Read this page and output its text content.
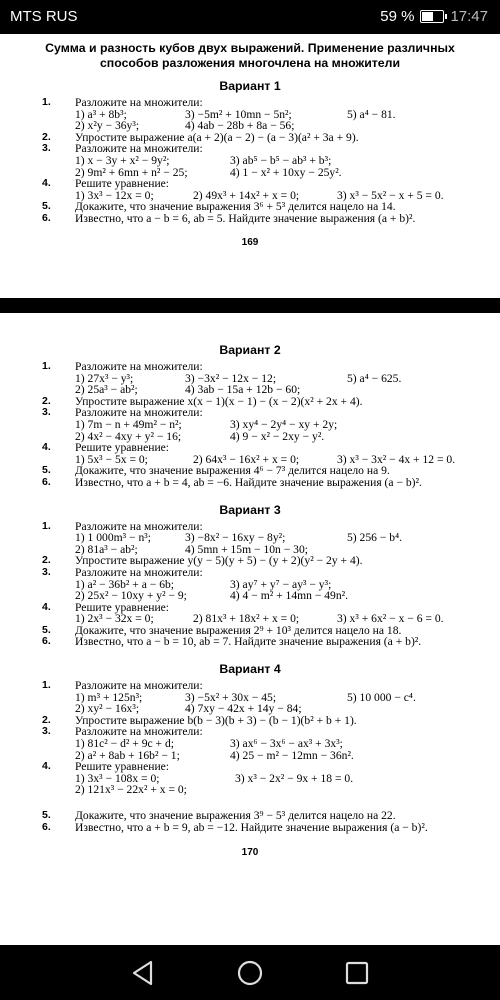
MTS RUS	59 % 17:47
Сумма и разность кубов двух выражений. Применение различных
способов разложения многочлена на множители
Вариант 1
1. Разложите на множители:
1) a³ + 8b³;	3) −5m² + 10mn − 5n²;	5) a⁴ − 81.
2) x²y − 36y³;	4) 4ab − 28b + 8a − 56;
2. Упростите выражение a(a + 2)(a − 2) − (a − 3)(a² + 3a + 9).
3. Разложите на множители:
1) x − 3y + x² − 9y²;	3) ab⁵ − b⁵ − ab³ + b³;
2) 9m² + 6mn + n² − 25;	4) 1 − x² + 10xy − 25y².
4. Решите уравнение:
1) 3x³ − 12x = 0;	2) 49x³ + 14x² + x = 0;	3) x³ − 5x² − x + 5 = 0.
5. Докажите, что значение выражения 3⁶ + 5³ делится нацело на 14.
6. Известно, что a − b = 6, ab = 5. Найдите значение выражения (a + b)².
169
Вариант 2
1. Разложите на множители:
1) 27x³ − y³;	3) −3x² − 12x − 12;	5) a⁴ − 625.
2) 25a³ − ab²;	4) 3ab − 15a + 12b − 60;
2. Упростите выражение x(x − 1)(x − 1) − (x − 2)(x² + 2x + 4).
3. Разложите на множители:
1) 7m − n + 49m² − n²;	3) xy⁴ − 2y⁴ − xy + 2y;
2) 4x² − 4xy + y² − 16;	4) 9 − x² − 2xy − y².
4. Решите уравнение:
1) 5x³ − 5x = 0;	2) 64x³ − 16x² + x = 0;	3) x³ − 3x² − 4x + 12 = 0.
5. Докажите, что значение выражения 4⁶ − 7³ делится нацело на 9.
6. Известно, что a + b = 4, ab = −6. Найдите значение выражения (a − b)².
Вариант 3
1. Разложите на множители:
1) 1 000m³ − n³;	3) −8x² − 16xy − 8y²;	5) 256 − b⁴.
2) 81a³ − ab²;	4) 5mn + 15m − 10n − 30;
2. Упростите выражение y(y − 5)(y + 5) − (y + 2)(y² − 2y + 4).
3. Разложите на множители:
1) a² − 36b² + a − 6b;	3) ay⁷ + y⁷ − ay³ − y³;
2) 25x² − 10xy + y² − 9;	4) 4 − m² + 14mn − 49n².
4. Решите уравнение:
1) 2x³ − 32x = 0;	2) 81x³ + 18x² + x = 0;	3) x³ + 6x² − x − 6 = 0.
5. Докажите, что значение выражения 2⁹ + 10³ делится нацело на 18.
6. Известно, что a − b = 10, ab = 7. Найдите значение выражения (a + b)².
Вариант 4
1. Разложите на множители:
1) m³ + 125n³;	3) −5x² + 30x − 45;	5) 10 000 − c⁴.
2) xy² − 16x³;	4) 7xy − 42x + 14y − 84;
2. Упростите выражение b(b − 3)(b + 3) − (b − 1)(b² + b + 1).
3. Разложите на множители:
1) 81c² − d² + 9c + d;	3) ax⁶ − 3x⁶ − ax³ + 3x³;
2) a² + 8ab + 16b² − 1;	4) 25 − m² − 12mn − 36n².
4. Решите уравнение:
1) 3x³ − 108x = 0;	3) x³ − 2x² − 9x + 18 = 0.
2) 121x³ − 22x² + x = 0;
5. Докажите, что значение выражения 3⁹ − 5³ делится нацело на 22.
6. Известно, что a + b = 9, ab = −12. Найдите значение выражения (a − b)².
170
